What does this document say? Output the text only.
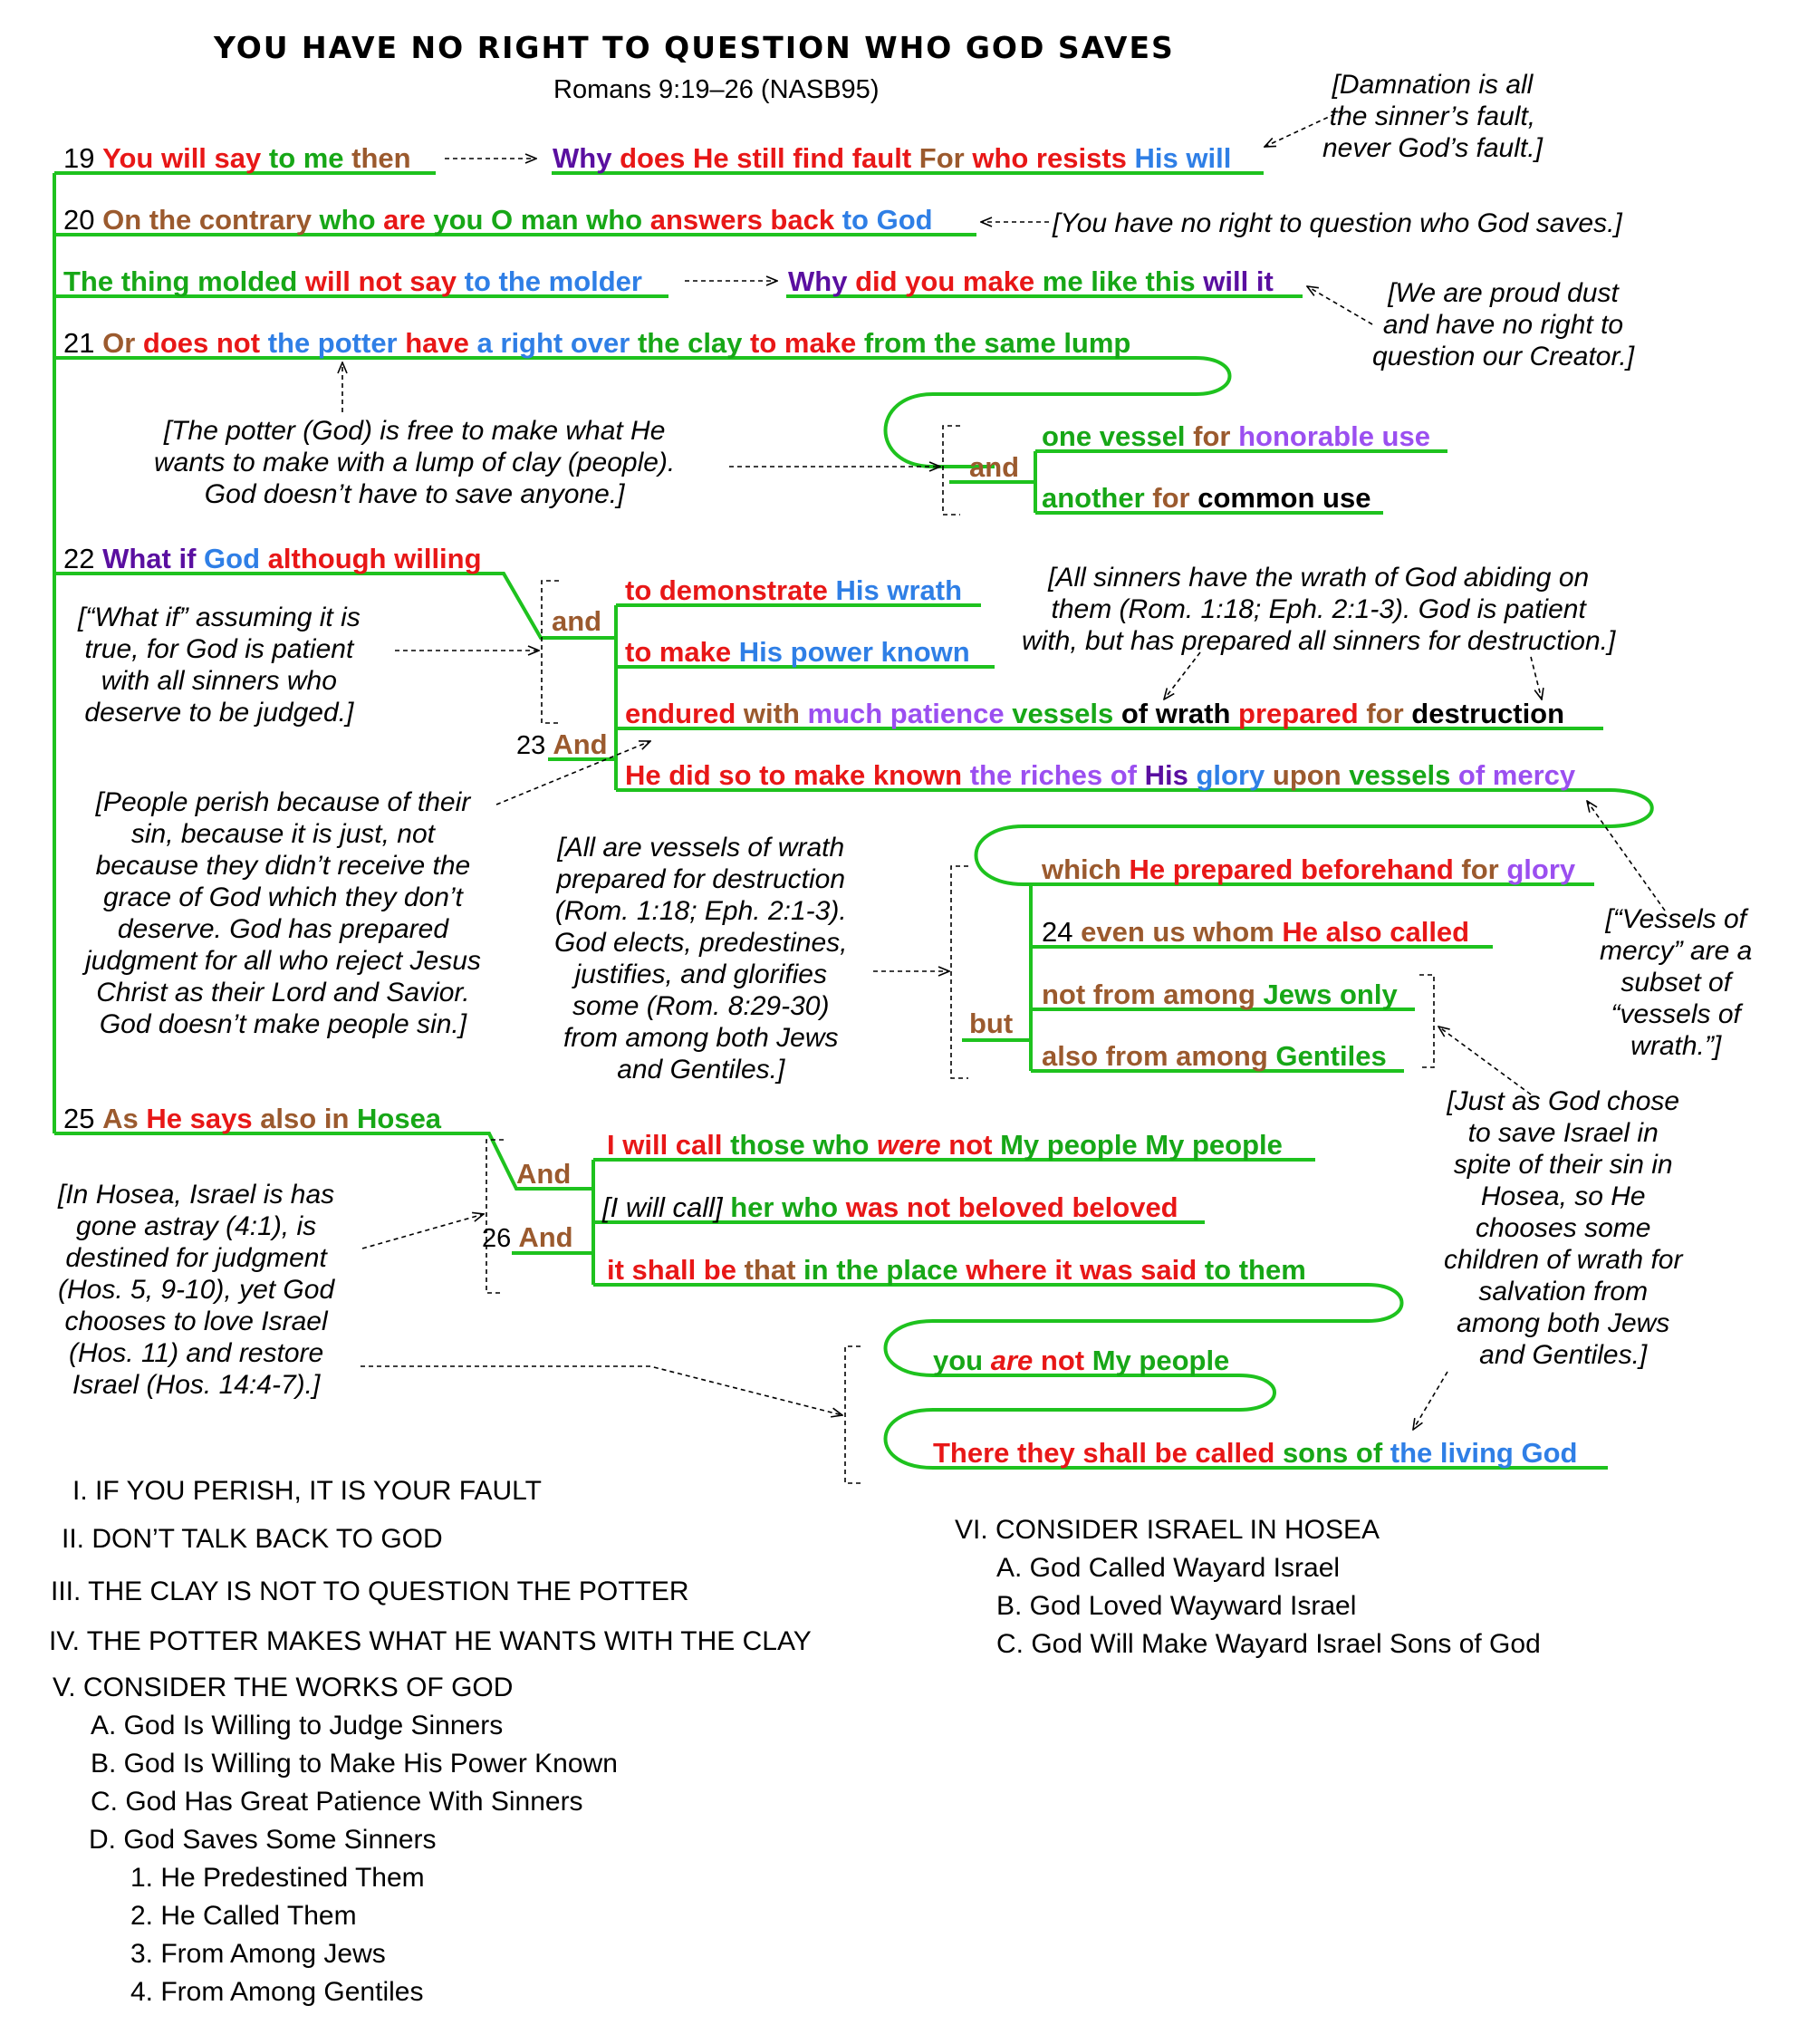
YOU HAVE NO RIGHT TO QUESTION WHO GOD SAVES
Romans 9:19–26 (NASB95)
19 You will say to me then	Why does He still find fault For who resists His will
20 On the contrary who are you O man who answers back to God
The thing molded will not say to the molder	Why did you make me like this will it
21 Or does not the potter have a right over the clay to make from the same lump
one vessel for honorable use
another for common use
22 What if God although willing
to demonstrate His wrath
to make His power known
endured with much patience vessels of wrath prepared for destruction
He did so to make known the riches of His glory upon vessels of mercy
which He prepared beforehand for glory
24 even us whom He also called
not from among Jews only
also from among Gentiles
25 As He says also in Hosea
I will call those who were not My people My people
[I will call] her who was not beloved beloved
it shall be that in the place where it was said to them
you are not My people
There they shall be called sons of the living God
and
and
23 And
but
And
26 And
[Damnation is all
the sinner’s fault,
never God’s fault.]
[You have no right to question who God saves.]
[We are proud dust
and have no right to
question our Creator.]
[The potter (God) is free to make what He
wants to make with a lump of clay (people).
God doesn’t have to save anyone.]
[“What if” assuming it is
true, for God is patient
with all sinners who
deserve to be judged.]
[All sinners have the wrath of God abiding on
them (Rom. 1:18; Eph. 2:1-3). God is patient
with, but has prepared all sinners for destruction.]
[People perish because of their
sin, because it is just, not
because they didn’t receive the
grace of God which they don’t
deserve. God has prepared
judgment for all who reject Jesus
Christ as their Lord and Savior.
God doesn’t make people sin.]
[All are vessels of wrath
prepared for destruction
(Rom. 1:18; Eph. 2:1-3).
God elects, predestines,
justifies, and glorifies
some (Rom. 8:29-30)
from among both Jews
and Gentiles.]
[“Vessels of
mercy” are a
subset of
“vessels of
wrath.”]
[Just as God chose
to save Israel in
spite of their sin in
Hosea, so He
chooses some
children of wrath for
salvation from
among both Jews
and Gentiles.]
[In Hosea, Israel is has
gone astray (4:1), is
destined for judgment
(Hos. 5, 9-10), yet God
chooses to love Israel
(Hos. 11) and restore
Israel (Hos. 14:4-7).]
I. IF YOU PERISH, IT IS YOUR FAULT
II. DON’T TALK BACK TO GOD
III. THE CLAY IS NOT TO QUESTION THE POTTER
IV. THE POTTER MAKES WHAT HE WANTS WITH THE CLAY
V. CONSIDER THE WORKS OF GOD
A. God Is Willing to Judge Sinners
B. God Is Willing to Make His Power Known
C. God Has Great Patience With Sinners
D. God Saves Some Sinners
1. He Predestined Them
2. He Called Them
3. From Among Jews
4. From Among Gentiles
VI. CONSIDER ISRAEL IN HOSEA
A. God Called Wayard Israel
B. God Loved Wayward Israel
C. God Will Make Wayard Israel Sons of God
